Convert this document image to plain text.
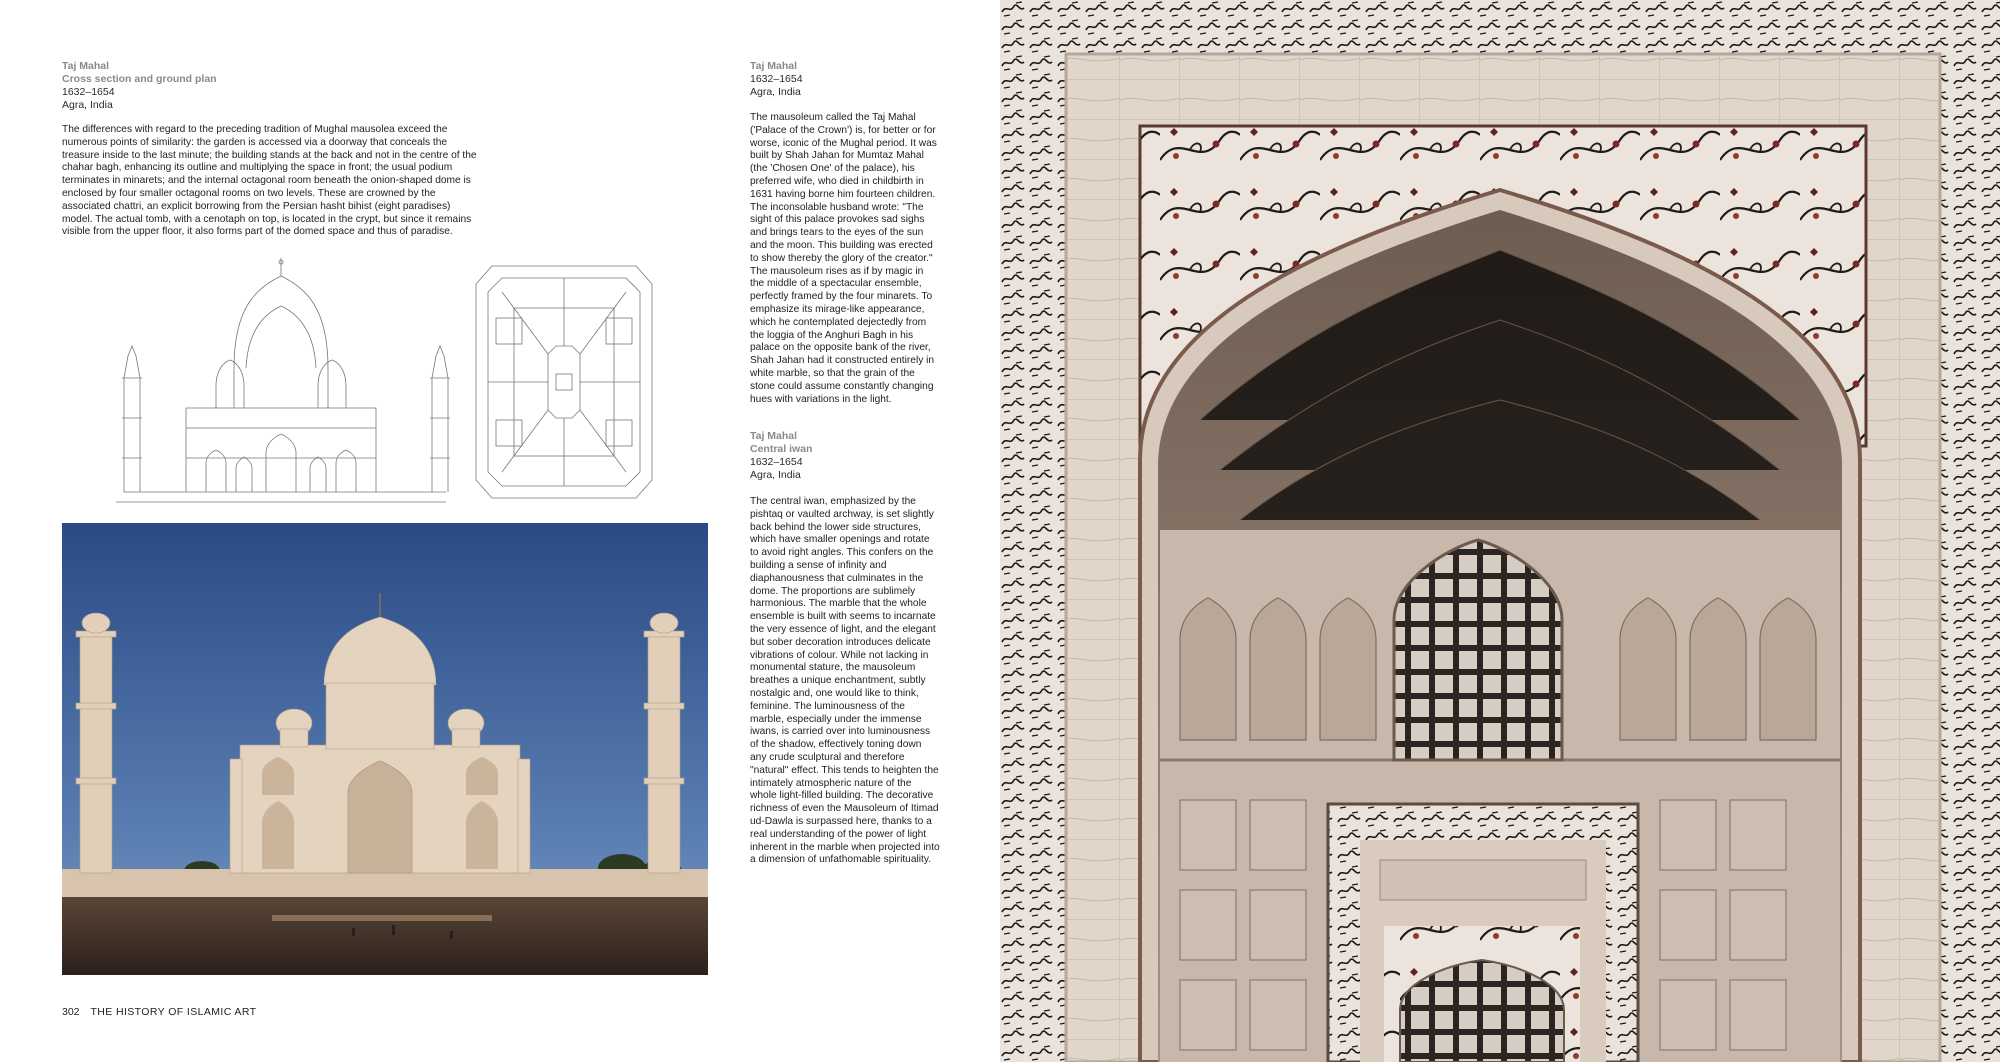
Taj Mahal
Cross section and ground plan
1632–1654
Agra, India

The differences with regard to the preceding tradition of Mughal mausolea exceed the numerous points of similarity: the garden is accessed via a doorway that conceals the treasure inside to the last minute; the building stands at the back and not in the centre of the chahar bagh, enhancing its outline and multiplying the space in front; the usual podium terminates in minarets; and the internal octagonal room beneath the onion-shaped dome is enclosed by four smaller octagonal rooms on two levels. These are crowned by the associated chattri, an explicit borrowing from the Persian hasht bihist (eight paradises) model. The actual tomb, with a cenotaph on top, is located in the crypt, but since it remains visible from the upper floor, it also forms part of the domed space and thus of paradise.

302 THE HISTORY OF ISLAMIC ART
Taj Mahal
1632–1654
Agra, India

The mausoleum called the Taj Mahal ('Palace of the Crown') is, for better or for worse, iconic of the Mughal period. It was built by Shah Jahan for Mumtaz Mahal (the 'Chosen One' of the palace), his preferred wife, who died in childbirth in 1631 having borne him fourteen children. The inconsolable husband wrote: "The sight of this palace provokes sad sighs and brings tears to the eyes of the sun and the moon. This building was erected to show thereby the glory of the creator." The mausoleum rises as if by magic in the middle of a spectacular ensemble, perfectly framed by the four minarets. To emphasize its mirage-like appearance, which he contemplated dejectedly from the loggia of the Anghuri Bagh in his palace on the opposite bank of the river, Shah Jahan had it constructed entirely in white marble, so that the grain of the stone could assume constantly changing hues with variations in the light.

Taj Mahal
Central iwan
1632–1654
Agra, India

The central iwan, emphasized by the pishtaq or vaulted archway, is set slightly back behind the lower side structures, which have smaller openings and rotate to avoid right angles. This confers on the building a sense of infinity and diaphanousness that culminates in the dome. The proportions are sublimely harmonious. The marble that the whole ensemble is built with seems to incarnate the very essence of light, and the elegant but sober decoration introduces delicate vibrations of colour. While not lacking in monumental stature, the mausoleum breathes a unique enchantment, subtly nostalgic and, one would like to think, feminine. The luminousness of the marble, especially under the immense iwans, is carried over into luminousness of the shadow, effectively toning down any crude sculptural and therefore "natural" effect. This tends to heighten the intimately atmospheric nature of the whole light-filled building. The decorative richness of even the Mausoleum of Itimad ud-Dawla is surpassed here, thanks to a real understanding of the power of light inherent in the marble when projected into a dimension of unfathomable spirituality.
